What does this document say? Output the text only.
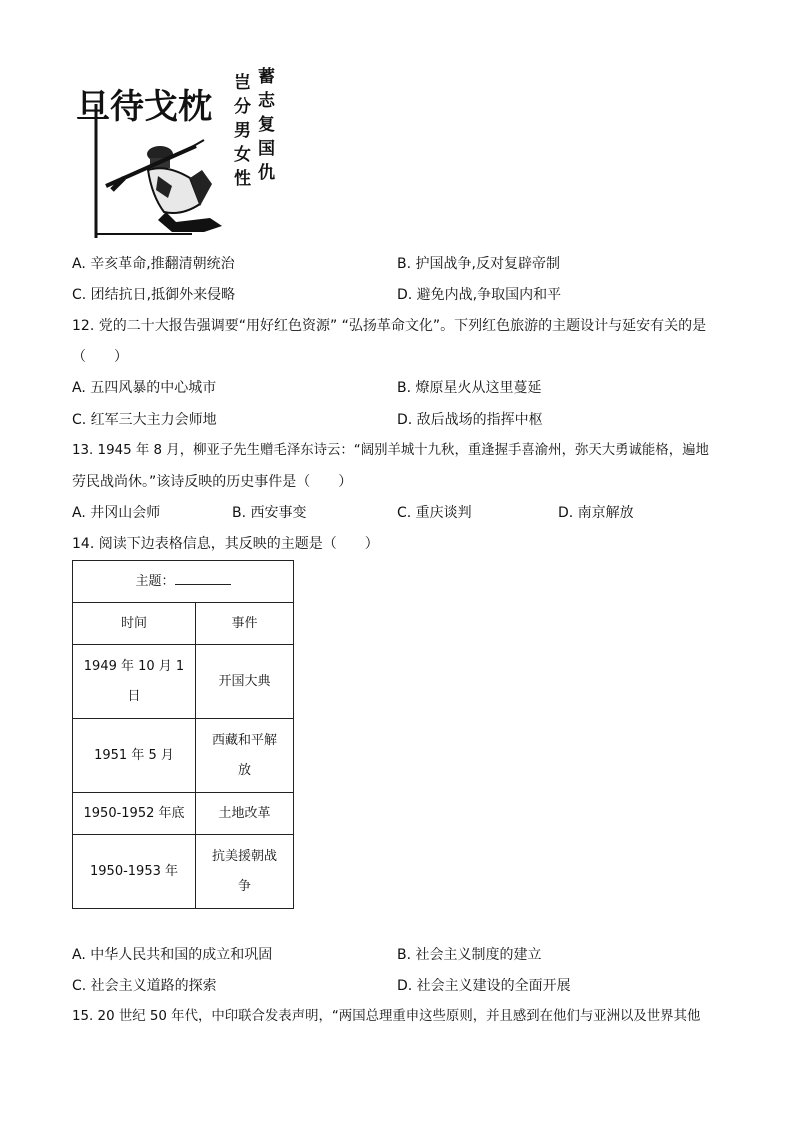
旦待戈枕
岂
分
男
女
性
蓄
志
复
国
仇
A. 辛亥革命,推翻清朝统治	B. 护国战争,反对复辟帝制
C. 团结抗日,抵御外来侵略	D. 避免内战,争取国内和平
12. 党的二十大报告强调要“用好红色资源” “弘扬革命文化”。下列红色旅游的主题设计与延安有关的是
（　　）
A. 五四风暴的中心城市	B. 燎原星火从这里蔓延
C. 红军三大主力会师地	D. 敌后战场的指挥中枢
13. 1945 年 8 月，柳亚子先生赠毛泽东诗云：“阔别羊城十九秋，重逢握手喜渝州，弥天大勇诚能格，遍地
劳民战尚休。”该诗反映的历史事件是（　　）
A. 井冈山会师	B. 西安事变	C. 重庆谈判	D. 南京解放
14. 阅读下边表格信息，其反映的主题是（　　）
主题：	
时间	事件
1949 年 10 月 1
日	开国大典
1951 年 5 月	西藏和平解
放
1950-1952 年底	土地改革
1950-1953 年	抗美援朝战
争
A. 中华人民共和国的成立和巩固	B. 社会主义制度的建立
C. 社会主义道路的探索	D. 社会主义建设的全面开展
15. 20 世纪 50 年代，中印联合发表声明，“两国总理重申这些原则，并且感到在他们与亚洲以及世界其他
